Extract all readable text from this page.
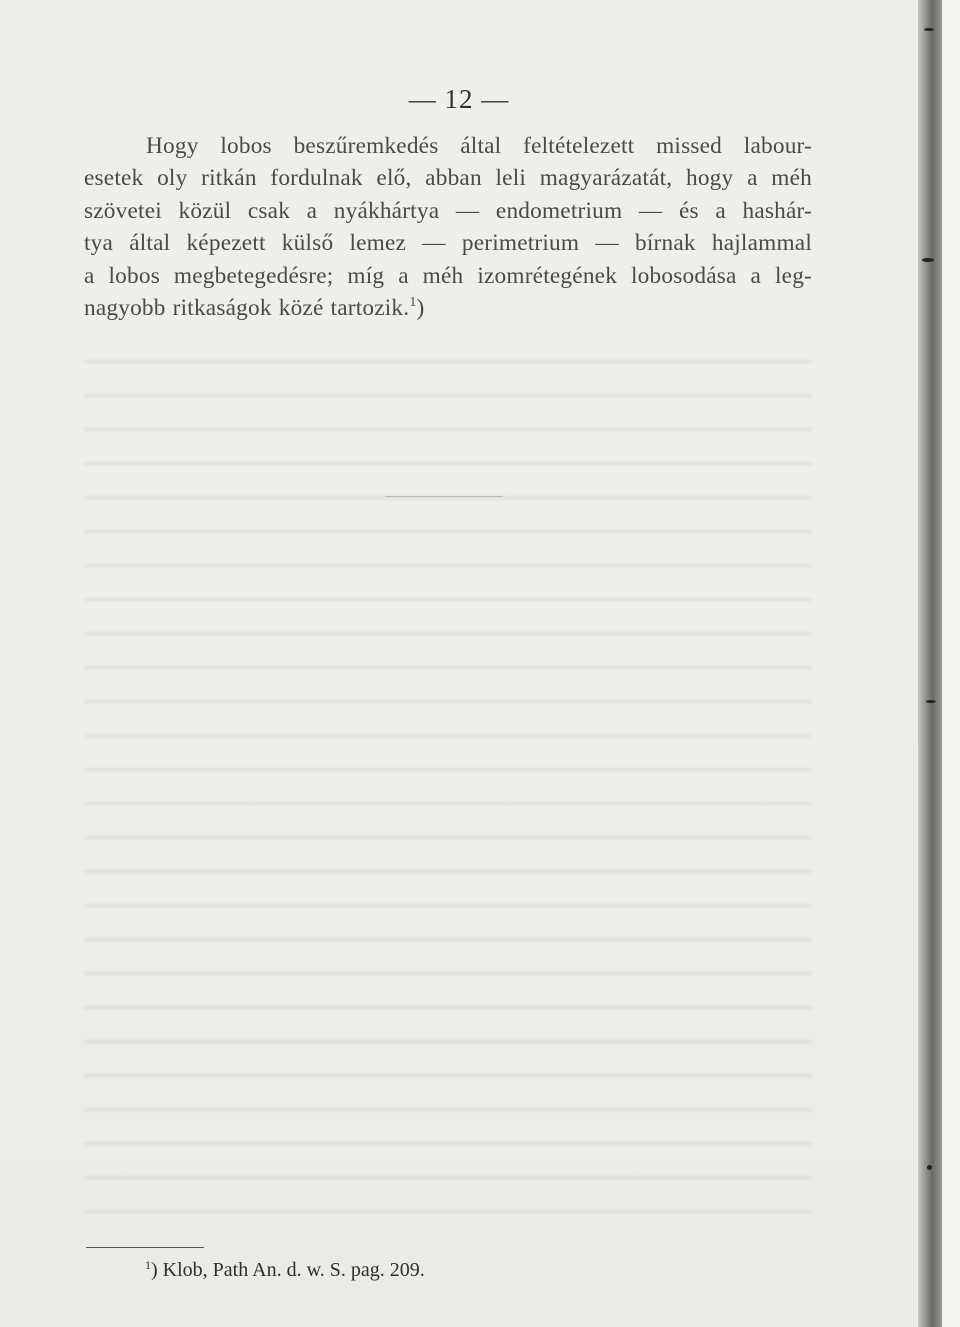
— 12 —
Hogy lobos beszűremkedés által feltételezett missed labour-
esetek oly ritkán fordulnak elő, abban leli magyarázatát, hogy a méh
szövetei közül csak a nyákhártya — endometrium — és a hashár-
tya által képezett külső lemez — perimetrium — bírnak hajlammal
a lobos megbetegedésre; míg a méh izomrétegének lobosodása a leg-
nagyobb ritkaságok közé tartozik.$^1$)
$^1$) Klob, Path An. d. w. S. pag. 209.
